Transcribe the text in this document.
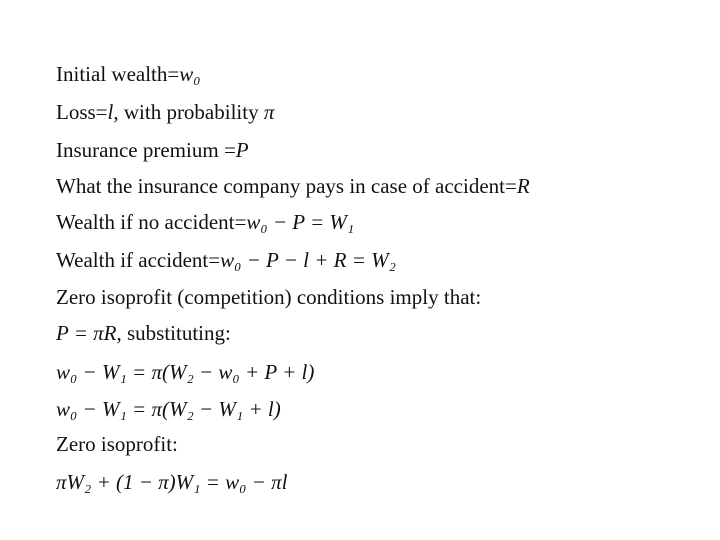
Initial wealth=w₀
Loss=l, with probability π
Insurance premium =P
What the insurance company pays in case of accident=R
Wealth if no accident=w₀ − P = W₁
Wealth if accident=w₀ − P − l + R = W₂
Zero isoprofit (competition) conditions imply that:
P = πR, substituting:
w₀ − W₁ = π(W₂ − w₀ + P + l)
w₀ − W₁ = π(W₂ − W₁ + l)
Zero isoprofit:
πW₂ + (1 − π)W₁ = w₀ − πl
